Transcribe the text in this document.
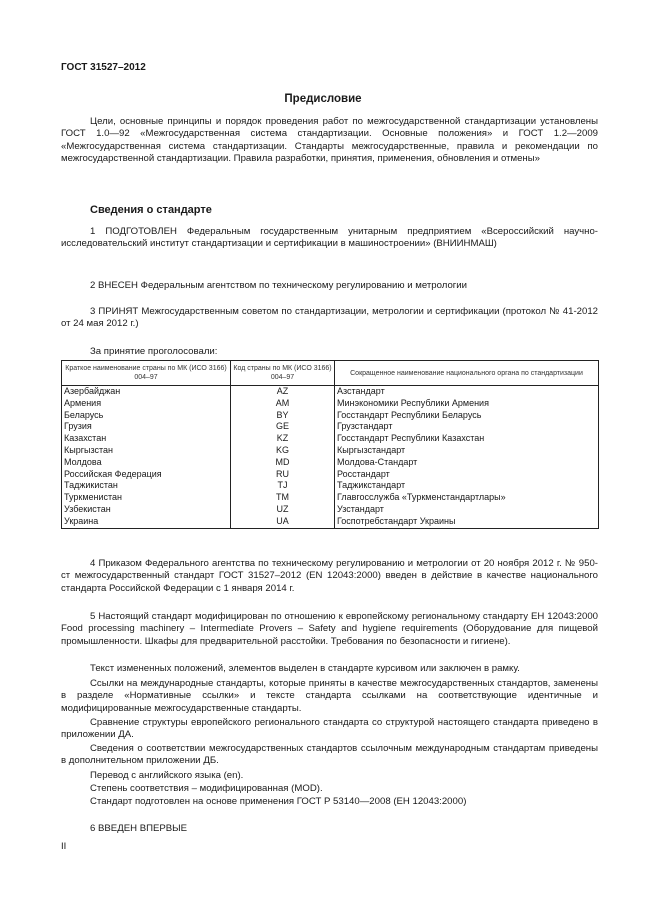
ГОСТ 31527–2012
Предисловие

Цели, основные принципы и порядок проведения работ по межгосударственной стандартизации установлены ГОСТ 1.0—92 «Межгосударственная система стандартизации. Основные положения» и ГОСТ 1.2—2009 «Межгосударственная система стандартизации. Стандарты межгосударственные, правила и рекомендации по межгосударственной стандартизации. Правила разработки, принятия, применения, обновления и отмены»

Сведения о стандарте

1 ПОДГОТОВЛЕН Федеральным государственным унитарным предприятием «Всероссийский научно-исследовательский институт стандартизации и сертификации в машиностроении» (ВНИИНМАШ)

2 ВНЕСЕН Федеральным агентством по техническому регулированию и метрологии

3 ПРИНЯТ Межгосударственным советом по стандартизации, метрологии и сертификации (протокол № 41-2012 от 24 мая 2012 г.)

За принятие проголосовали:
Краткое наименование страны по МК (ИСО 3166) 004–97	Код страны по МК (ИСО 3166) 004–97	Сокращенное наименование национального органа по стандартизации
Азербайджан	AZ	Азстандарт
Армения	AM	Минэкономики Республики Армения
Беларусь	BY	Госстандарт Республики Беларусь
Грузия	GE	Грузстандарт
Казахстан	KZ	Госстандарт Республики Казахстан
Кыргызстан	KG	Кыргызстандарт
Молдова	MD	Молдова-Стандарт
Российская Федерация	RU	Росстандарт
Таджикистан	TJ	Таджикстандарт
Туркменистан	TM	Главгосслужба «Туркменстандартлары»
Узбекистан	UZ	Узстандарт
Украина	UA	Госпотребстандарт Украины

4 Приказом Федерального агентства по техническому регулированию и метрологии от 20 ноября 2012 г. № 950-ст межгосударственный стандарт ГОСТ 31527–2012 (EN 12043:2000) введен в действие в качестве национального стандарта Российской Федерации с 1 января 2014 г.

5 Настоящий стандарт модифицирован по отношению к европейскому региональному стандарту ЕН 12043:2000 Food processing machinery – Intermediate Provers – Safety and hygiene requirements (Оборудование для пищевой промышленности. Шкафы для предварительной расстойки. Требования по безопасности и гигиене).

Текст измененных положений, элементов выделен в стандарте курсивом или заключен в рамку.

Ссылки на международные стандарты, которые приняты в качестве межгосударственных стандартов, заменены в разделе «Нормативные ссылки» и тексте стандарта ссылками на соответствующие идентичные и модифицированные межгосударственные стандарты.

Сравнение структуры европейского регионального стандарта со структурой настоящего стандарта приведено в приложении ДА.

Сведения о соответствии межгосударственных стандартов ссылочным международным стандартам приведены в дополнительном приложении ДБ.

Перевод с английского языка (en).

Степень соответствия – модифицированная (MOD).

Стандарт подготовлен на основе применения ГОСТ Р 53140—2008 (ЕН 12043:2000)

6 ВВЕДЕН ВПЕРВЫЕ

II
